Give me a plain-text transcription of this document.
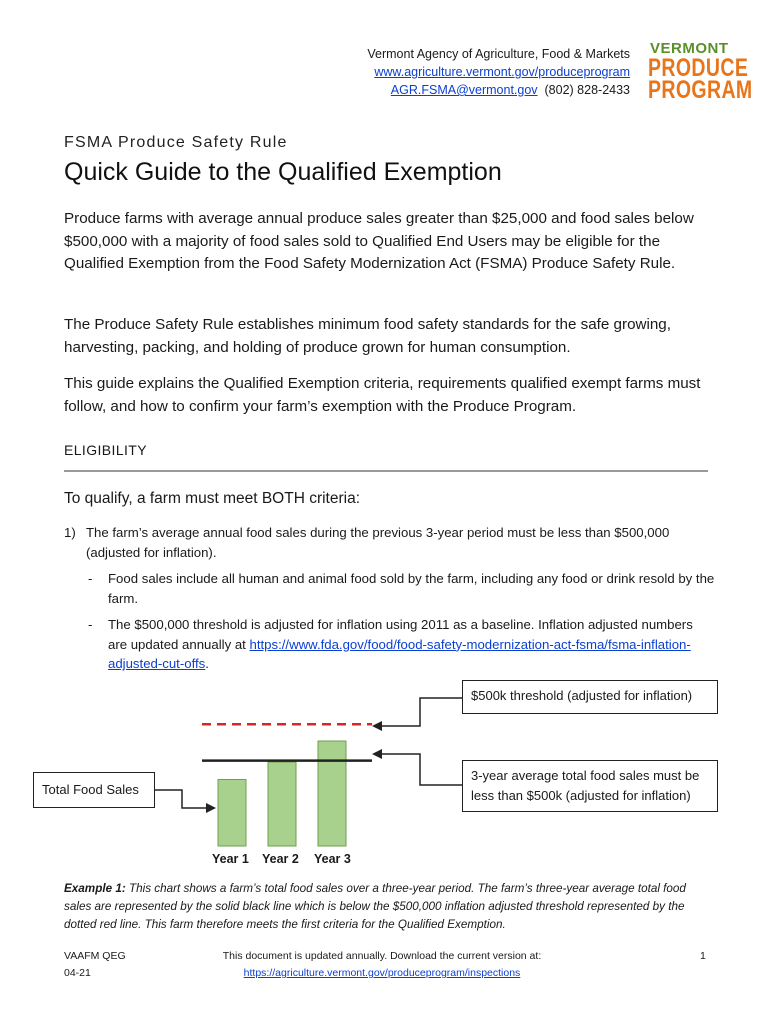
Vermont Agency of Agriculture, Food & Markets
www.agriculture.vermont.gov/produceprogram
AGR.FSMA@vermont.gov (802) 828-2433
VERMONT
PRODUCE
PROGRAM
FSMA Produce Safety Rule
Quick Guide to the Qualified Exemption
Produce farms with average annual produce sales greater than $25,000 and food sales below $500,000 with a majority of food sales sold to Qualified End Users may be eligible for the Qualified Exemption from the Food Safety Modernization Act (FSMA) Produce Safety Rule.
The Produce Safety Rule establishes minimum food safety standards for the safe growing, harvesting, packing, and holding of produce grown for human consumption.
This guide explains the Qualified Exemption criteria, requirements qualified exempt farms must follow, and how to confirm your farm’s exemption with the Produce Program.
ELIGIBILITY
To qualify, a farm must meet BOTH criteria:
1) The farm’s average annual food sales during the previous 3-year period must be less than $500,000 (adjusted for inflation).
- Food sales include all human and animal food sold by the farm, including any food or drink resold by the farm.
- The $500,000 threshold is adjusted for inflation using 2011 as a baseline. Inflation adjusted numbers are updated annually at https://www.fda.gov/food/food-safety-modernization-act-fsma/fsma-inflation-adjusted-cut-offs.
$500k threshold (adjusted for inflation)
3-year average total food sales must be less than $500k (adjusted for inflation)
Total Food Sales
Year 1 Year 2 Year 3
Example 1: This chart shows a farm’s total food sales over a three-year period. The farm’s three-year average total food sales are represented by the solid black line which is below the $500,000 inflation adjusted threshold represented by the dotted red line. This farm therefore meets the first criteria for the Qualified Exemption.
VAAFM QEG
04-21
This document is updated annually. Download the current version at:
https://agriculture.vermont.gov/produceprogram/inspections
1
